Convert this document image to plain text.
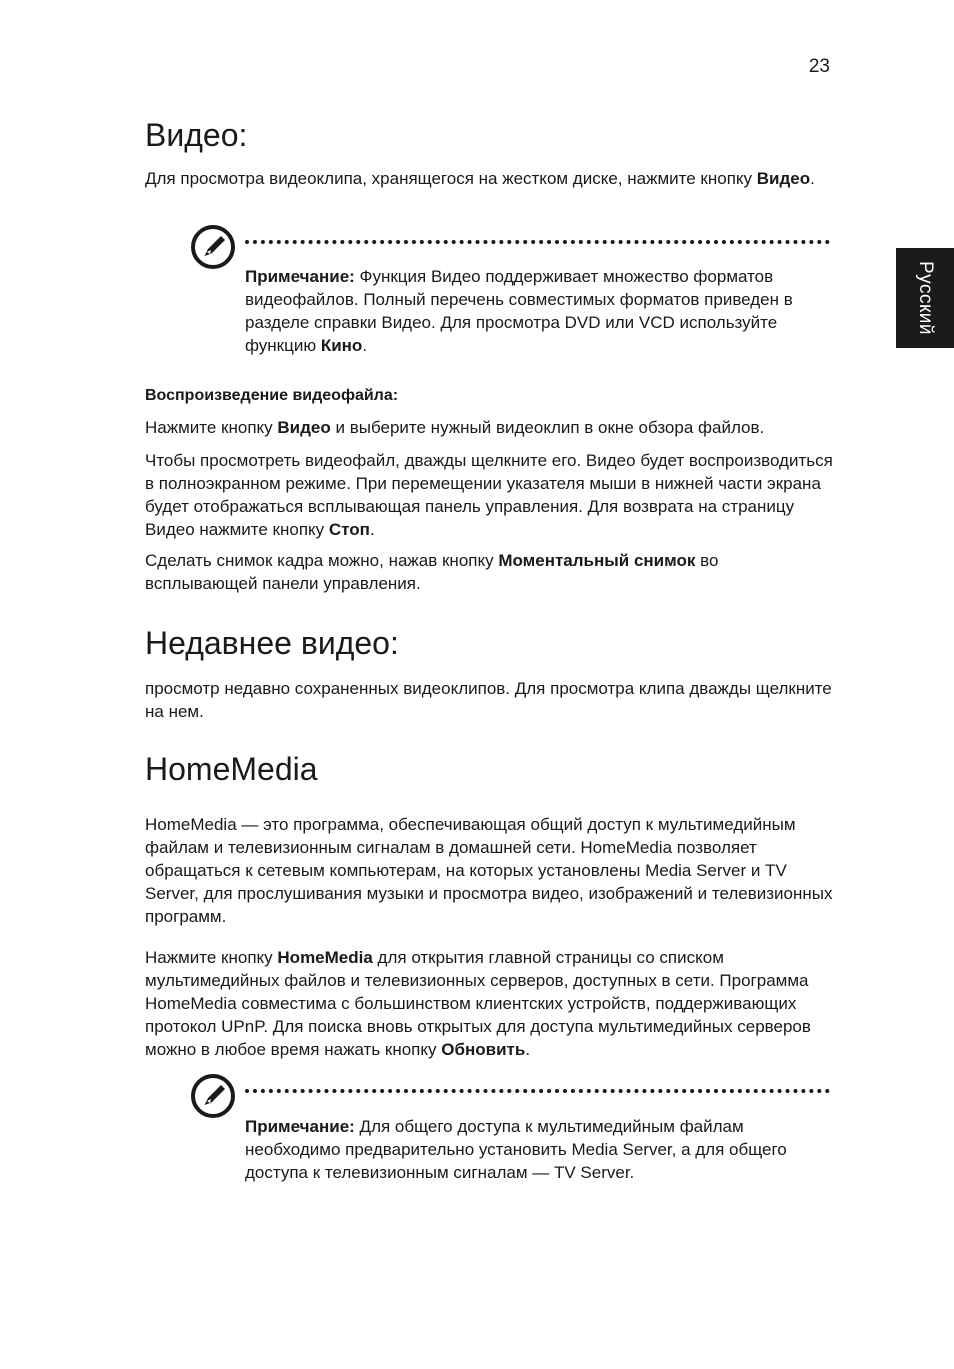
23
Русский
Видео:

Для просмотра видеоклипа, хранящегося на жестком диске, нажмите кнопку Видео.

Примечание: Функция Видео поддерживает множество форматов видеофайлов. Полный перечень совместимых форматов приведен в разделе справки Видео. Для просмотра DVD или VCD используйте функцию Кино.

Воспроизведение видеофайла:

Нажмите кнопку Видео и выберите нужный видеоклип в окне обзора файлов.

Чтобы просмотреть видеофайл, дважды щелкните его. Видео будет воспроизводиться в полноэкранном режиме. При перемещении указателя мыши в нижней части экрана будет отображаться всплывающая панель управления. Для возврата на страницу Видео нажмите кнопку Стоп.

Сделать снимок кадра можно, нажав кнопку Моментальный снимок во всплывающей панели управления.

Недавнее видео:

просмотр недавно сохраненных видеоклипов. Для просмотра клипа дважды щелкните на нем.

HomeMedia

HomeMedia — это программа, обеспечивающая общий доступ к мультимедийным файлам и телевизионным сигналам в домашней сети. HomeMedia позволяет обращаться к сетевым компьютерам, на которых установлены Media Server и TV Server, для прослушивания музыки и просмотра видео, изображений и телевизионных программ.

Нажмите кнопку HomeMedia для открытия главной страницы со списком мультимедийных файлов и телевизионных серверов, доступных в сети. Программа HomeMedia совместима с большинством клиентских устройств, поддерживающих протокол UPnP. Для поиска вновь открытых для доступа мультимедийных серверов можно в любое время нажать кнопку Обновить.

Примечание: Для общего доступа к мультимедийным файлам необходимо предварительно установить Media Server, а для общего доступа к телевизионным сигналам — TV Server.
